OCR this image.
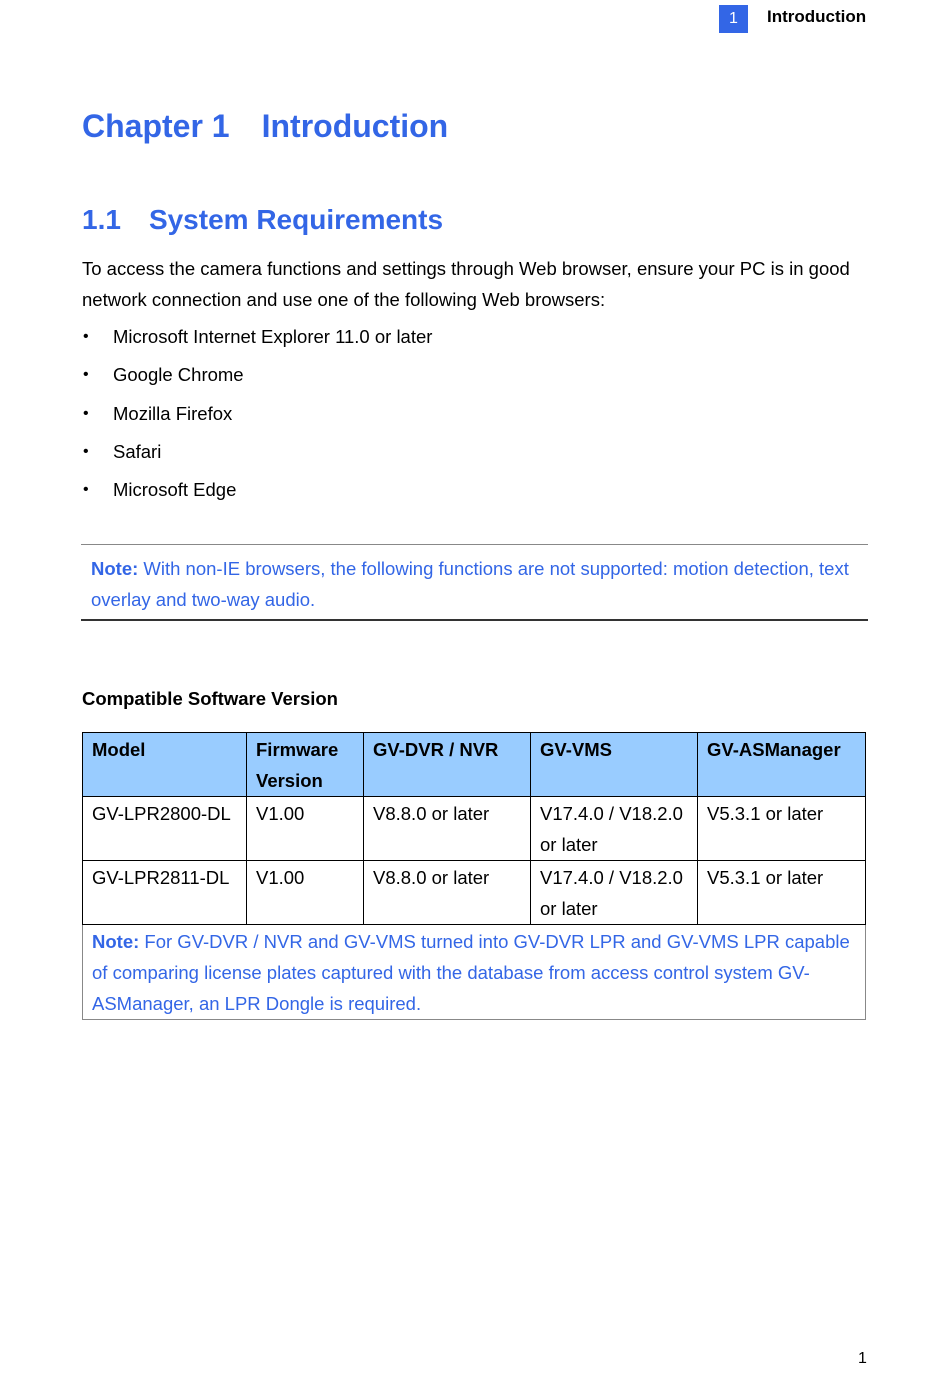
1	Introduction
Chapter 1 Introduction
1.1 System Requirements

To access the camera functions and settings through Web browser, ensure your PC is in good network connection and use one of the following Web browsers:

• Microsoft Internet Explorer 11.0 or later
• Google Chrome
• Mozilla Firefox
• Safari
• Microsoft Edge

Note: With non-IE browsers, the following functions are not supported: motion detection, text overlay and two-way audio.

Compatible Software Version
Model	Firmware Version	GV-DVR / NVR	GV-VMS	GV-ASManager
GV-LPR2800-DL	V1.00	V8.8.0 or later	V17.4.0 / V18.2.0 or later	V5.3.1 or later
GV-LPR2811-DL	V1.00	V8.8.0 or later	V17.4.0 / V18.2.0 or later	V5.3.1 or later
Note: For GV-DVR / NVR and GV-VMS turned into GV-DVR LPR and GV-VMS LPR capable of comparing license plates captured with the database from access control system GV-ASManager, an LPR Dongle is required.				
1
